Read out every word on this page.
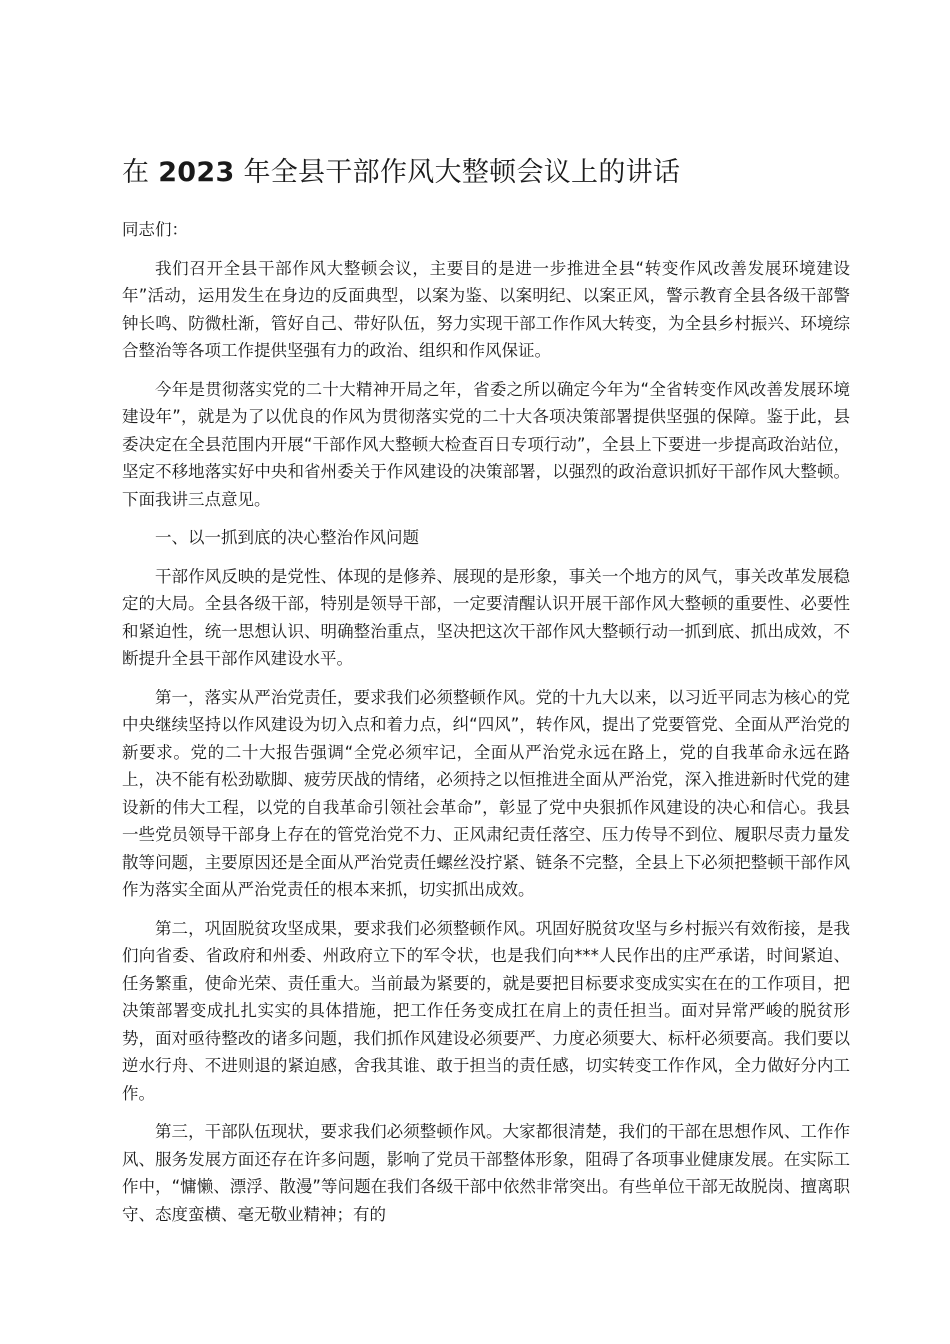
在 2023 年全县干部作风大整顿会议上的讲话

同志们：

我们召开全县干部作风大整顿会议，主要目的是进一步推进全县“转变作风改善发展环境建设年”活动，运用发生在身边的反面典型，以案为鉴、以案明纪、以案正风，警示教育全县各级干部警钟长鸣、防微杜渐，管好自己、带好队伍，努力实现干部工作作风大转变，为全县乡村振兴、环境综合整治等各项工作提供坚强有力的政治、组织和作风保证。

今年是贯彻落实党的二十大精神开局之年，省委之所以确定今年为“全省转变作风改善发展环境建设年”，就是为了以优良的作风为贯彻落实党的二十大各项决策部署提供坚强的保障。鉴于此，县委决定在全县范围内开展“干部作风大整顿大检查百日专项行动”，全县上下要进一步提高政治站位，坚定不移地落实好中央和省州委关于作风建设的决策部署，以强烈的政治意识抓好干部作风大整顿。下面我讲三点意见。

一、以一抓到底的决心整治作风问题

干部作风反映的是党性、体现的是修养、展现的是形象，事关一个地方的风气，事关改革发展稳定的大局。全县各级干部，特别是领导干部，一定要清醒认识开展干部作风大整顿的重要性、必要性和紧迫性，统一思想认识、明确整治重点，坚决把这次干部作风大整顿行动一抓到底、抓出成效，不断提升全县干部作风建设水平。

第一，落实从严治党责任，要求我们必须整顿作风。党的十九大以来，以习近平同志为核心的党中央继续坚持以作风建设为切入点和着力点，纠“四风”，转作风，提出了党要管党、全面从严治党的新要求。党的二十大报告强调“全党必须牢记，全面从严治党永远在路上，党的自我革命永远在路上，决不能有松劲歇脚、疲劳厌战的情绪，必须持之以恒推进全面从严治党，深入推进新时代党的建设新的伟大工程，以党的自我革命引领社会革命”，彰显了党中央狠抓作风建设的决心和信心。我县一些党员领导干部身上存在的管党治党不力、正风肃纪责任落空、压力传导不到位、履职尽责力量发散等问题，主要原因还是全面从严治党责任螺丝没拧紧、链条不完整，全县上下必须把整顿干部作风作为落实全面从严治党责任的根本来抓，切实抓出成效。

第二，巩固脱贫攻坚成果，要求我们必须整顿作风。巩固好脱贫攻坚与乡村振兴有效衔接，是我们向省委、省政府和州委、州政府立下的军令状，也是我们向***人民作出的庄严承诺，时间紧迫、任务繁重，使命光荣、责任重大。当前最为紧要的，就是要把目标要求变成实实在在的工作项目，把决策部署变成扎扎实实的具体措施，把工作任务变成扛在肩上的责任担当。面对异常严峻的脱贫形势，面对亟待整改的诸多问题，我们抓作风建设必须要严、力度必须要大、标杆必须要高。我们要以逆水行舟、不进则退的紧迫感，舍我其谁、敢于担当的责任感，切实转变工作作风，全力做好分内工作。

第三，干部队伍现状，要求我们必须整顿作风。大家都很清楚，我们的干部在思想作风、工作作风、服务发展方面还存在许多问题，影响了党员干部整体形象，阻碍了各项事业健康发展。在实际工作中，“慵懒、漂浮、散漫”等问题在我们各级干部中依然非常突出。有些单位干部无故脱岗、擅离职守、态度蛮横、毫无敬业精神；有的
